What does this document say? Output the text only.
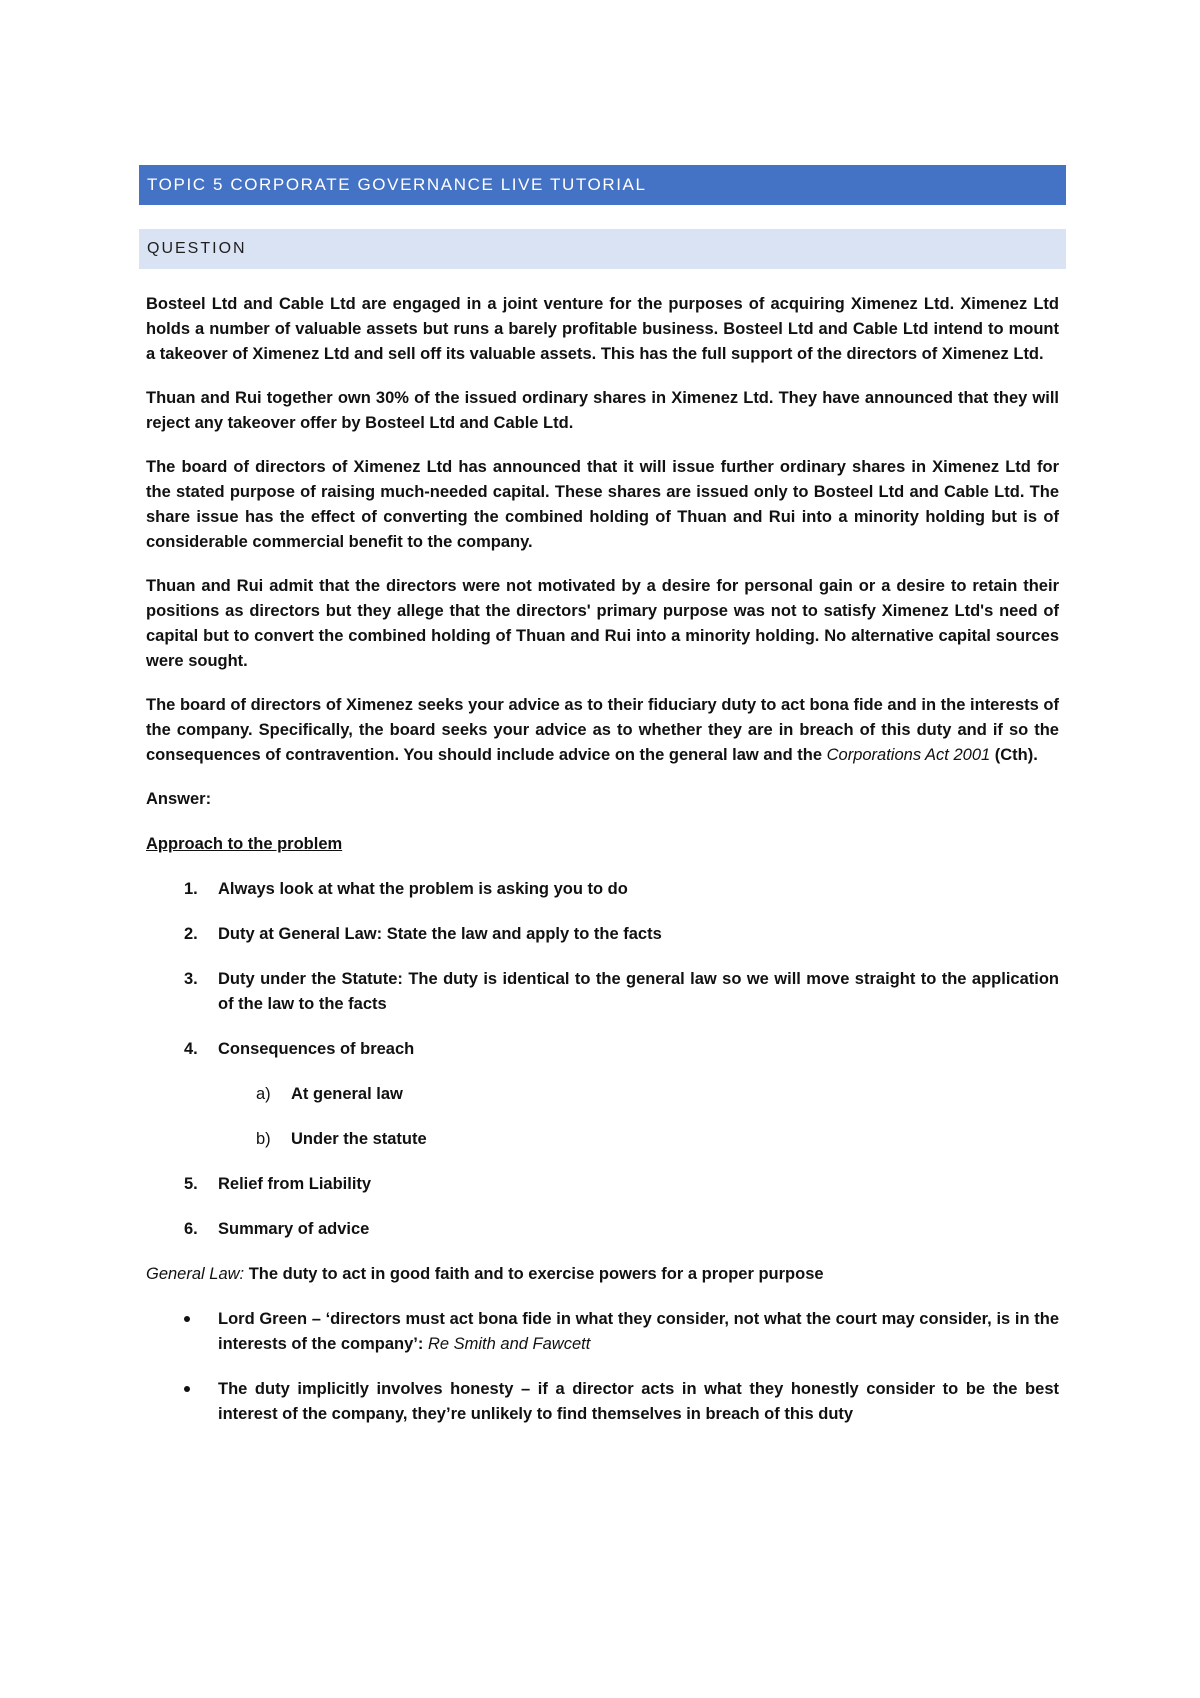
TOPIC 5 CORPORATE GOVERNANCE LIVE TUTORIAL
QUESTION

Bosteel Ltd and Cable Ltd are engaged in a joint venture for the purposes of acquiring Ximenez Ltd. Ximenez Ltd holds a number of valuable assets but runs a barely profitable business. Bosteel Ltd and Cable Ltd intend to mount a takeover of Ximenez Ltd and sell off its valuable assets. This has the full support of the directors of Ximenez Ltd.

Thuan and Rui together own 30% of the issued ordinary shares in Ximenez Ltd. They have announced that they will reject any takeover offer by Bosteel Ltd and Cable Ltd.

The board of directors of Ximenez Ltd has announced that it will issue further ordinary shares in Ximenez Ltd for the stated purpose of raising much-needed capital. These shares are issued only to Bosteel Ltd and Cable Ltd. The share issue has the effect of converting the combined holding of Thuan and Rui into a minority holding but is of considerable commercial benefit to the company.

Thuan and Rui admit that the directors were not motivated by a desire for personal gain or a desire to retain their positions as directors but they allege that the directors' primary purpose was not to satisfy Ximenez Ltd's need of capital but to convert the combined holding of Thuan and Rui into a minority holding. No alternative capital sources were sought.

The board of directors of Ximenez seeks your advice as to their fiduciary duty to act bona fide and in the interests of the company. Specifically, the board seeks your advice as to whether they are in breach of this duty and if so the consequences of contravention. You should include advice on the general law and the Corporations Act 2001 (Cth).

Answer:

Approach to the problem

1. Always look at what the problem is asking you to do
2. Duty at General Law: State the law and apply to the facts
3. Duty under the Statute: The duty is identical to the general law so we will move straight to the application of the law to the facts
4. Consequences of breach
a) At general law
b) Under the statute
5. Relief from Liability
6. Summary of advice

General Law: The duty to act in good faith and to exercise powers for a proper purpose

Lord Green – ‘directors must act bona fide in what they consider, not what the court may consider, is in the interests of the company’: Re Smith and Fawcett
The duty implicitly involves honesty – if a director acts in what they honestly consider to be the best interest of the company, they’re unlikely to find themselves in breach of this duty
